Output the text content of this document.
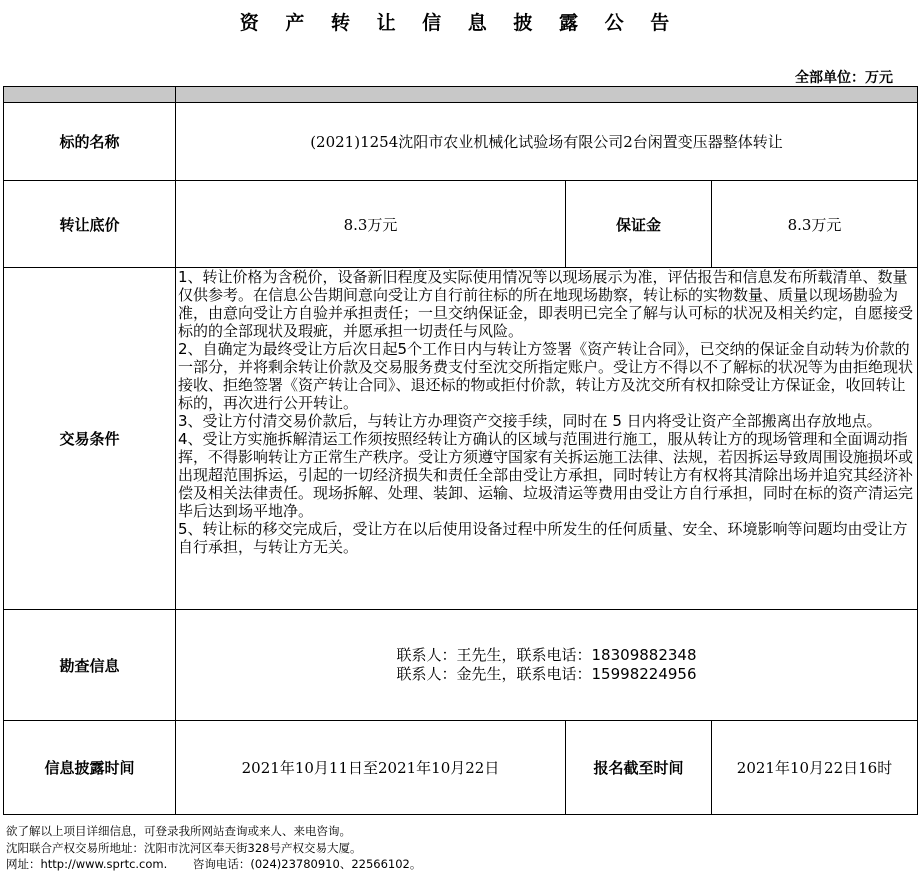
资 产 转 让 信 息 披 露 公 告
全部单位：万元

标的名称	(2021)1254沈阳市农业机械化试验场有限公司2台闲置变压器整体转让		
转让底价	8.3万元	保证金	8.3万元
交易条件	1、转让价格为含税价，设备新旧程度及实际使用情况等以现场展示为准，评估报告和信息发布所载清单、数量仅供参考。在信息公告期间意向受让方自行前往标的所在地现场勘察，转让标的实物数量、质量以现场勘验为准，由意向受让方自验并承担责任；一旦交纳保证金，即表明已完全了解与认可标的状况及相关约定，自愿接受标的的全部现状及瑕疵，并愿承担一切责任与风险。

2、自确定为最终受让方后次日起5个工作日内与转让方签署《资产转让合同》，已交纳的保证金自动转为价款的一部分，并将剩余转让价款及交易服务费支付至沈交所指定账户。受让方不得以不了解标的状况等为由拒绝现状接收、拒绝签署《资产转让合同》、退还标的物或拒付价款，转让方及沈交所有权扣除受让方保证金，收回转让标的，再次进行公开转让。

3、受让方付清交易价款后，与转让方办理资产交接手续，同时在 5 日内将受让资产全部搬离出存放地点。

4、受让方实施拆解清运工作须按照经转让方确认的区域与范围进行施工，服从转让方的现场管理和全面调动指挥，不得影响转让方正常生产秩序。受让方须遵守国家有关拆运施工法律、法规，若因拆运导致周围设施损坏或出现超范围拆运，引起的一切经济损失和责任全部由受让方承担，同时转让方有权将其清除出场并追究其经济补偿及相关法律责任。现场拆解、处理、装卸、运输、垃圾清运等费用由受让方自行承担，同时在标的资产清运完毕后达到场平地净。

5、转让标的移交完成后，受让方在以后使用设备过程中所发生的任何质量、安全、环境影响等问题均由受让方自行承担，与转让方无关。		

勘查信息	联系人：王先生，联系电话：18309882348
联系人：金先生，联系电话：15998224956		

信息披露时间	2021年10月11日至2021年10月22日	报名截至时间	2021年10月22日16时

欲了解以上项目详细信息，可登录我所网站查询或来人、来电咨询。

沈阳联合产权交易所地址：沈阳市沈河区奉天街328号产权交易大厦。

网址：http://www.sprtc.com.       咨询电话：(024)23780910、22566102。
